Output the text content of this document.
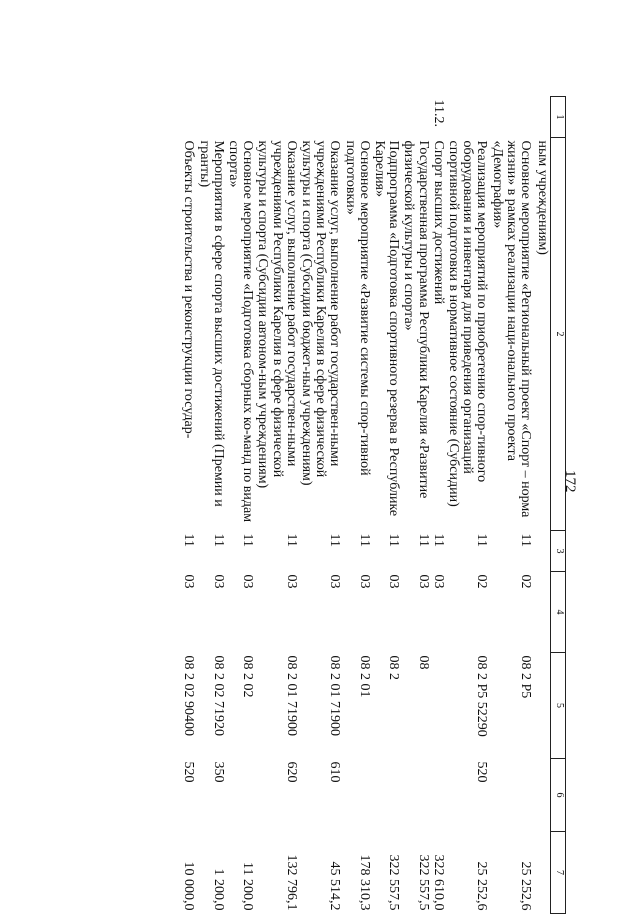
172
1	2	3	4	5	6	7
	ным учреждениям)					
	Основное мероприятие «Региональный проект «Спорт – норма жизни» в рамках реализации наци-онального проекта «Демография»	11	02	08 2 P5		25 252,6
	Реализация мероприятий по приобретению спор-тивного оборудования и инвентаря для приведения организаций спортивной подготовки в нормативное состояние (Субсидии)	11	02	08 2 P5 52290	520	25 252,6
11.2.	Спорт высших достижений	11	03			322 610,0
	Государственная программа Республики Карелия «Развитие физической культуры и спорта»	11	03	08		322 557,5
	Подпрограмма «Подготовка спортивного резерва в Республике Карелия»	11	03	08 2		322 557,5
	Основное мероприятие «Развитие системы спор-тивной подготовки»	11	03	08 2 01		178 310,3
	Оказание услуг, выполнение работ государствен-ными учреждениями Республики Карелия в сфере физической культуры и спорта (Субсидии бюджет-ным учреждениям)	11	03	08 2 01 71900	610	45 514,2
	Оказание услуг, выполнение работ государствен-ными учреждениями Республики Карелия в сфере физической культуры и спорта (Субсидии автоном-ным учреждениям)	11	03	08 2 01 71900	620	132 796,1
	Основное мероприятие «Подготовка сборных ко-манд по видам спорта»	11	03	08 2 02		11 200,0
	Мероприятия в сфере спорта высших достижений (Премии и гранты)	11	03	08 2 02 71920	350	1 200,0
	Объекты строительства и реконструкции государ-	11	03	08 2 02 90400	520	10 000,0
